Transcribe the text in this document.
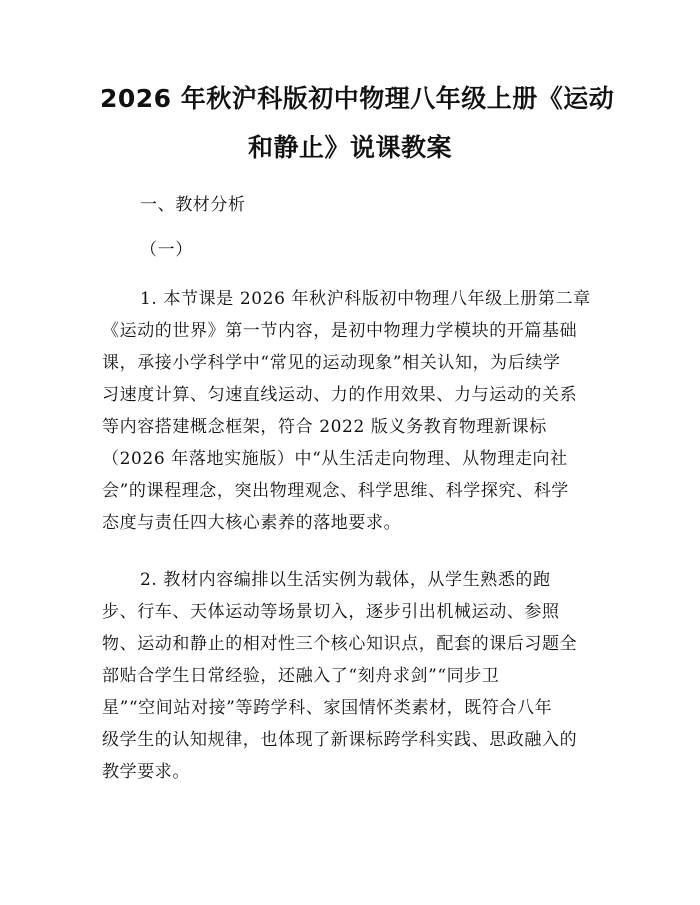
2026 年秋沪科版初中物理八年级上册《运动
和静止》说课教案
一、教材分析
（一）
1. 本节课是 2026 年秋沪科版初中物理八年级上册第二章
《运动的世界》第一节内容，是初中物理力学模块的开篇基础
课，承接小学科学中“常见的运动现象”相关认知，为后续学
习速度计算、匀速直线运动、力的作用效果、力与运动的关系
等内容搭建概念框架，符合 2022 版义务教育物理新课标
（2026 年落地实施版）中“从生活走向物理、从物理走向社
会”的课程理念，突出物理观念、科学思维、科学探究、科学
态度与责任四大核心素养的落地要求。
2. 教材内容编排以生活实例为载体，从学生熟悉的跑
步、行车、天体运动等场景切入，逐步引出机械运动、参照
物、运动和静止的相对性三个核心知识点，配套的课后习题全
部贴合学生日常经验，还融入了“刻舟求剑”“同步卫
星”“空间站对接”等跨学科、家国情怀类素材，既符合八年
级学生的认知规律，也体现了新课标跨学科实践、思政融入的
教学要求。
